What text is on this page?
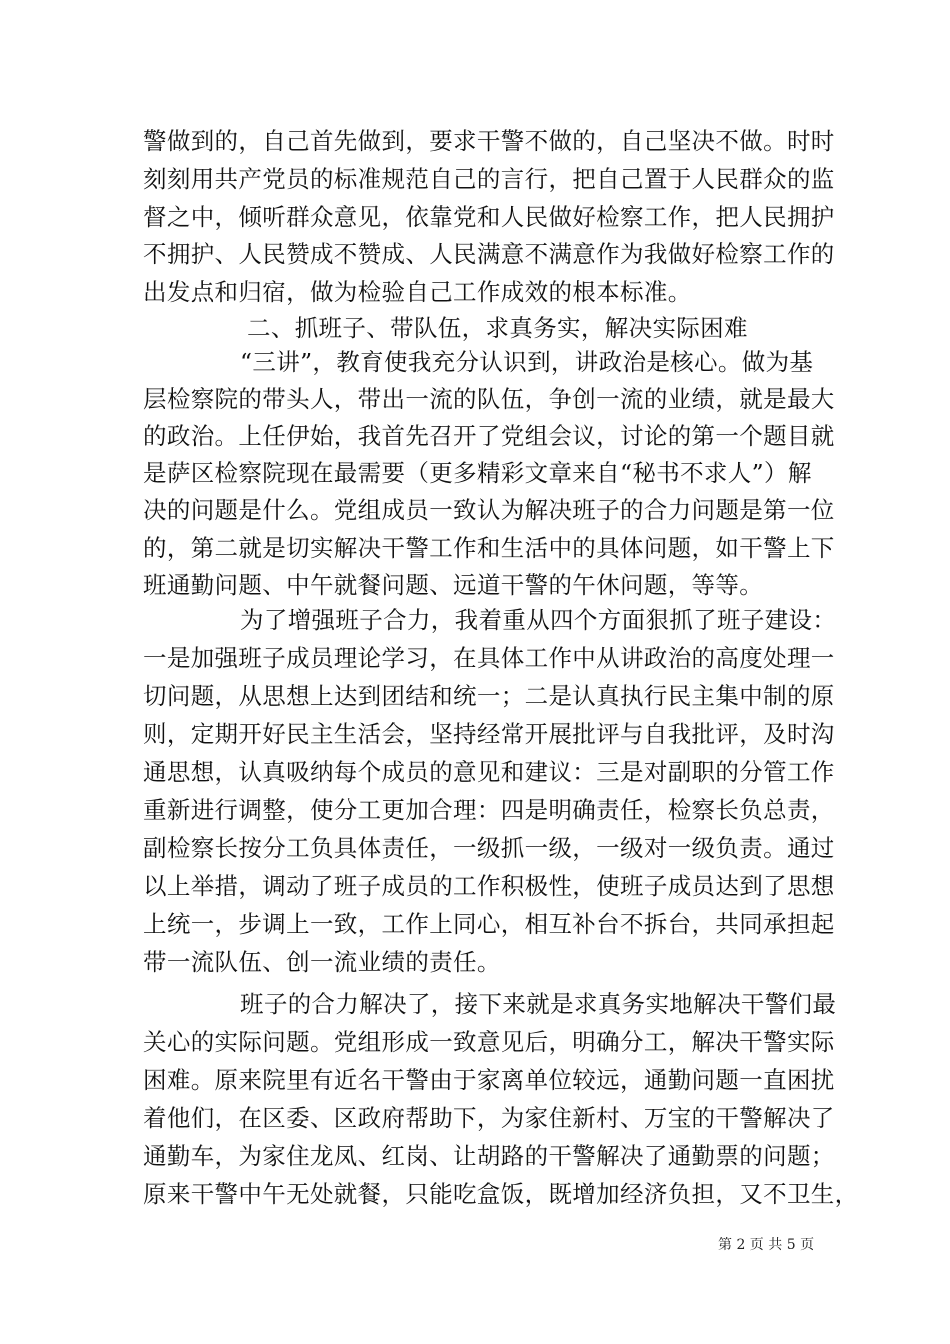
警做到的，自己首先做到，要求干警不做的，自己坚决不做。时时
刻刻用共产党员的标准规范自己的言行，把自己置于人民群众的监
督之中，倾听群众意见，依靠党和人民做好检察工作，把人民拥护
不拥护、人民赞成不赞成、人民满意不满意作为我做好检察工作的
出发点和归宿，做为检验自己工作成效的根本标准。
二、抓班子、带队伍，求真务实，解决实际困难
“三讲”，教育使我充分认识到，讲政治是核心。做为基
层检察院的带头人，带出一流的队伍，争创一流的业绩，就是最大
的政治。上任伊始，我首先召开了党组会议，讨论的第一个题目就
是萨区检察院现在最需要（更多精彩文章来自“秘书不求人”）解
决的问题是什么。党组成员一致认为解决班子的合力问题是第一位
的，第二就是切实解决干警工作和生活中的具体问题，如干警上下
班通勤问题、中午就餐问题、远道干警的午休问题，等等。
为了增强班子合力，我着重从四个方面狠抓了班子建设：
一是加强班子成员理论学习，在具体工作中从讲政治的高度处理一
切问题，从思想上达到团结和统一；二是认真执行民主集中制的原
则，定期开好民主生活会，坚持经常开展批评与自我批评，及时沟
通思想，认真吸纳每个成员的意见和建议：三是对副职的分管工作
重新进行调整，使分工更加合理：四是明确责任，检察长负总责，
副检察长按分工负具体责任，一级抓一级，一级对一级负责。通过
以上举措，调动了班子成员的工作积极性，使班子成员达到了思想
上统一，步调上一致，工作上同心，相互补台不拆台，共同承担起
带一流队伍、创一流业绩的责任。
班子的合力解决了，接下来就是求真务实地解决干警们最
关心的实际问题。党组形成一致意见后，明确分工，解决干警实际
困难。原来院里有近名干警由于家离单位较远，通勤问题一直困扰
着他们，在区委、区政府帮助下，为家住新村、万宝的干警解决了
通勤车，为家住龙凤、红岗、让胡路的干警解决了通勤票的问题；
原来干警中午无处就餐，只能吃盒饭，既增加经济负担，又不卫生，
第 2 页 共 5 页
